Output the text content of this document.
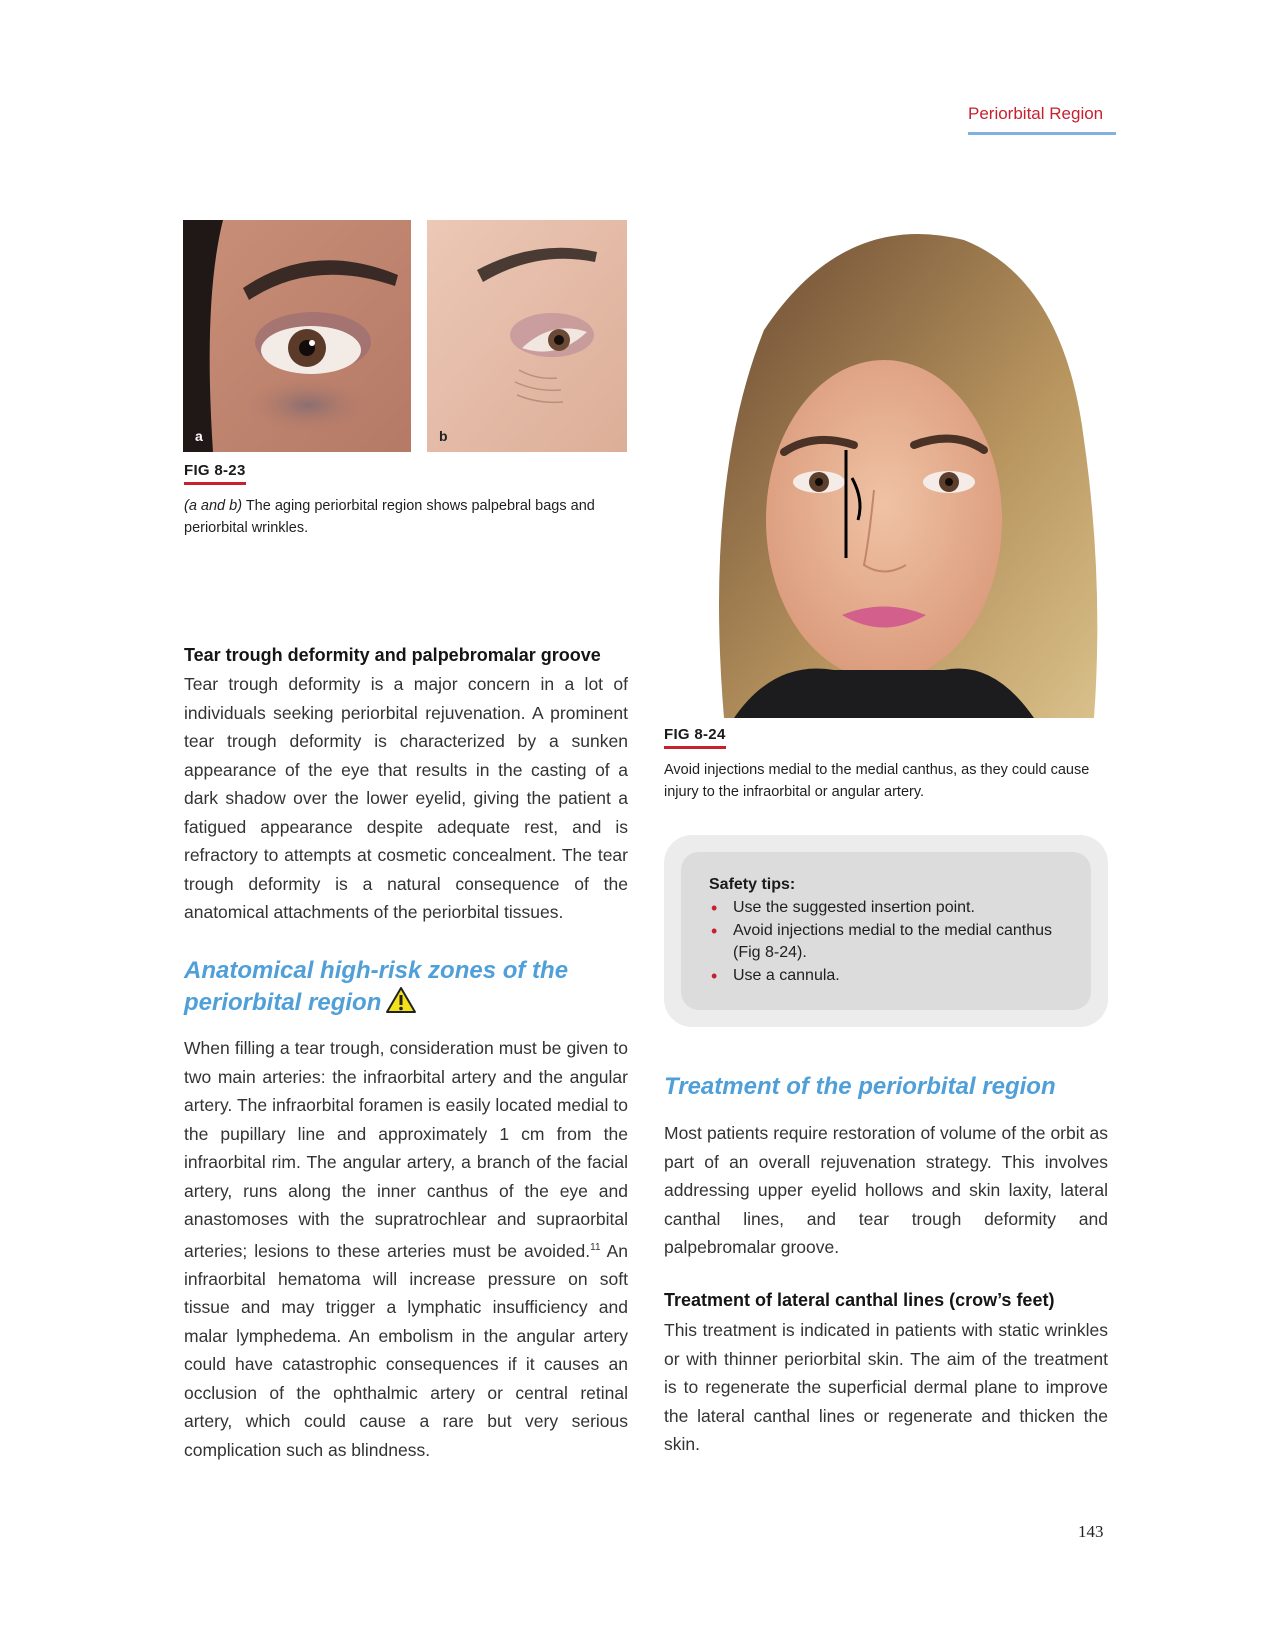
Periorbital Region
a	b
FIG 8-23
(a and b) The aging periorbital region shows palpebral bags and periorbital wrinkles.
FIG 8-24
Avoid injections medial to the medial canthus, as they could cause injury to the infraorbital or angular artery.
Tear trough deformity and palpebromalar groove

Tear trough deformity is a major concern in a lot of individuals seeking periorbital rejuvenation. A prominent tear trough deformity is characterized by a sunken appearance of the eye that results in the casting of a dark shadow over the lower eyelid, giving the patient a fatigued appearance despite adequate rest, and is refractory to attempts at cosmetic concealment. The tear trough deformity is a natural consequence of the anatomical attachments of the periorbital tissues.

Anatomical high-risk zones of the

periorbital region

When filling a tear trough, consideration must be given to two main arteries: the infraorbital artery and the angular artery. The infraorbital foramen is easily located medial to the pupillary line and approximately 1 cm from the infraorbital rim. The angular artery, a branch of the facial artery, runs along the inner canthus of the eye and anastomoses with the supratrochlear and supraorbital arteries; lesions to these arteries must be avoided.$^{11}$ An infraorbital hematoma will increase pressure on soft tissue and may trigger a lymphatic insufficiency and malar lymphedema. An embolism in the angular artery could have catastrophic consequences if it causes an occlusion of the ophthalmic artery or central retinal artery, which could cause a rare but very serious complication such as blindness.

Safety tips:
• Use the suggested insertion point.
• Avoid injections medial to the medial canthus (Fig 8-24).
• Use a cannula.

Treatment of the periorbital region

Most patients require restoration of volume of the orbit as part of an overall rejuvenation strategy. This involves addressing upper eyelid hollows and skin laxity, lateral canthal lines, and tear trough deformity and palpebromalar groove.

Treatment of lateral canthal lines (crow’s feet)

This treatment is indicated in patients with static wrinkles or with thinner periorbital skin. The aim of the treatment is to regenerate the superficial dermal plane to improve the lateral canthal lines or regenerate and thicken the skin.

143
